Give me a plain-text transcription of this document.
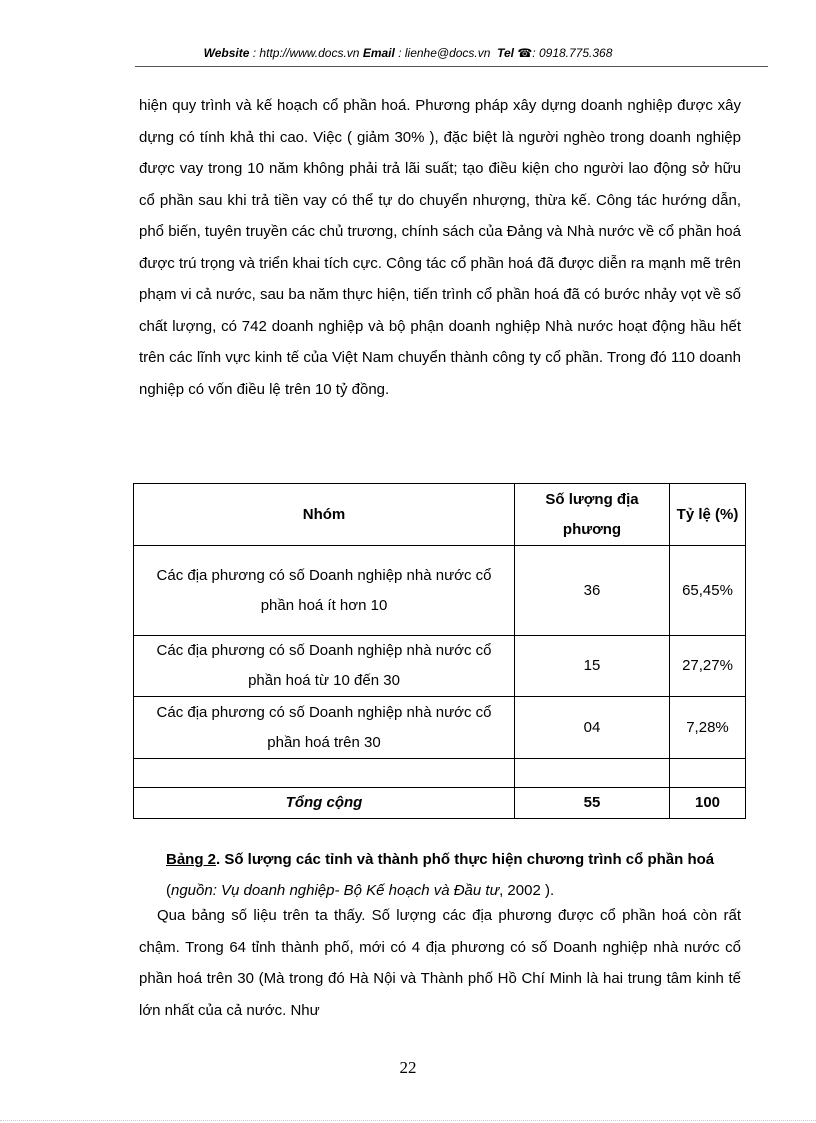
Website : http://www.docs.vn Email : lienhe@docs.vn Tel ☎: 0918.775.368
hiện quy trình và kế hoạch cổ phần hoá. Phương pháp xây dựng doanh nghiệp được xây dựng có tính khả thi cao. Việc ( giảm 30% ), đặc biệt là người nghèo trong doanh nghiệp được vay trong 10 năm không phải trả lãi suất; tạo điều kiện cho người lao động sở hữu cổ phần sau khi trả tiền vay có thể tự do chuyển nhượng, thừa kế. Công tác hướng dẫn, phổ biến, tuyên truyền các chủ trương, chính sách của Đảng và Nhà nước về cổ phần hoá được trú trọng và triển khai tích cực. Công tác cổ phần hoá đã được diễn ra mạnh mẽ trên phạm vi cả nước, sau ba năm thực hiện, tiến trình cổ phần hoá đã có bước nhảy vọt về số chất lượng, có 742 doanh nghiệp và bộ phận doanh nghiệp Nhà nước hoạt động hầu hết trên các lĩnh vực kinh tế của Việt Nam chuyển thành công ty cổ phần. Trong đó 110 doanh nghiệp có vốn điều lệ trên 10 tỷ đồng.
Nhóm	Số lượng địa phương	Tỷ lệ (%)
Các địa phương có số Doanh nghiệp nhà nước cổ phần hoá ít hơn 10	36	65,45%
Các địa phương có số Doanh nghiệp nhà nước cổ phần hoá từ 10 đến 30	15	27,27%
Các địa phương có số Doanh nghiệp nhà nước cổ phần hoá trên 30	04	7,28%

Tổng cộng	55	100
Bảng 2. Số lượng các tỉnh và thành phố thực hiện chương trình cổ phần hoá (nguồn: Vụ doanh nghiệp- Bộ Kế hoạch và Đầu tư, 2002 ).
Qua bảng số liệu trên ta thấy. Số lượng các địa phương được cổ phần hoá còn rất chậm. Trong 64 tỉnh thành phố, mới có 4 địa phương có số Doanh nghiệp nhà nước cổ phần hoá trên 30 (Mà trong đó Hà Nội và Thành phố Hồ Chí Minh là hai trung tâm kinh tế lớn nhất của cả nước. Như
22
